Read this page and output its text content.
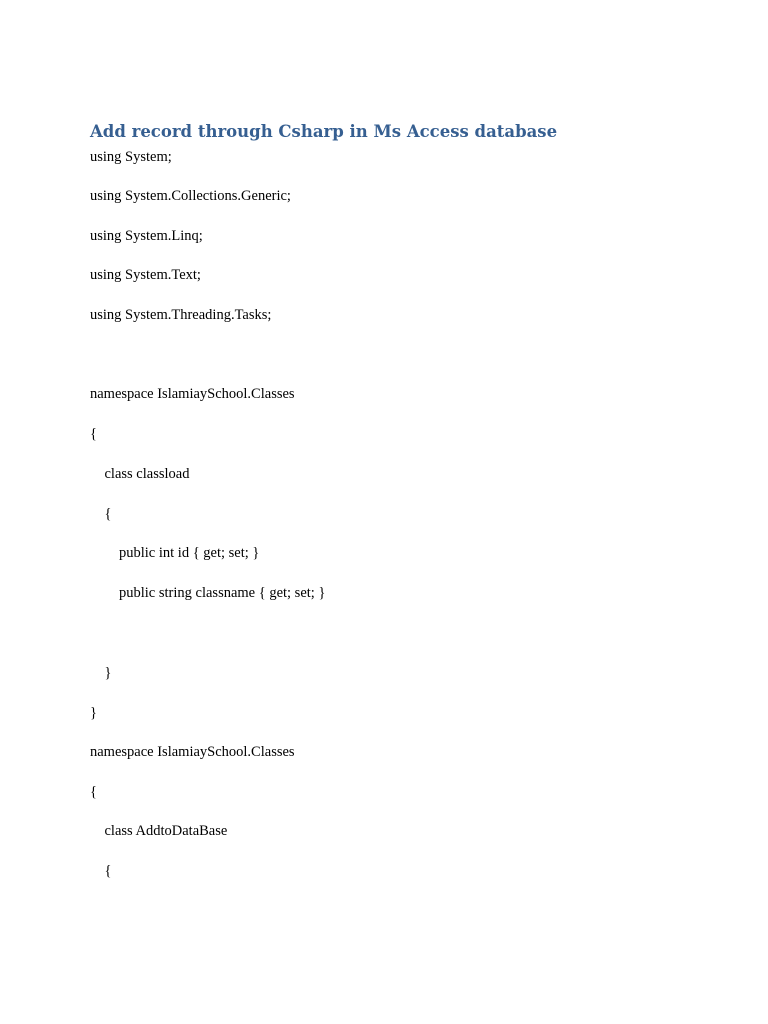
Add record through Csharp in Ms Access database
using System;
using System.Collections.Generic;
using System.Linq;
using System.Text;
using System.Threading.Tasks;
namespace IslamiaySchool.Classes
{
class classload
{
public int id { get; set; }
public string classname { get; set; }
}
}
namespace IslamiaySchool.Classes
{
class AddtoDataBase
{
